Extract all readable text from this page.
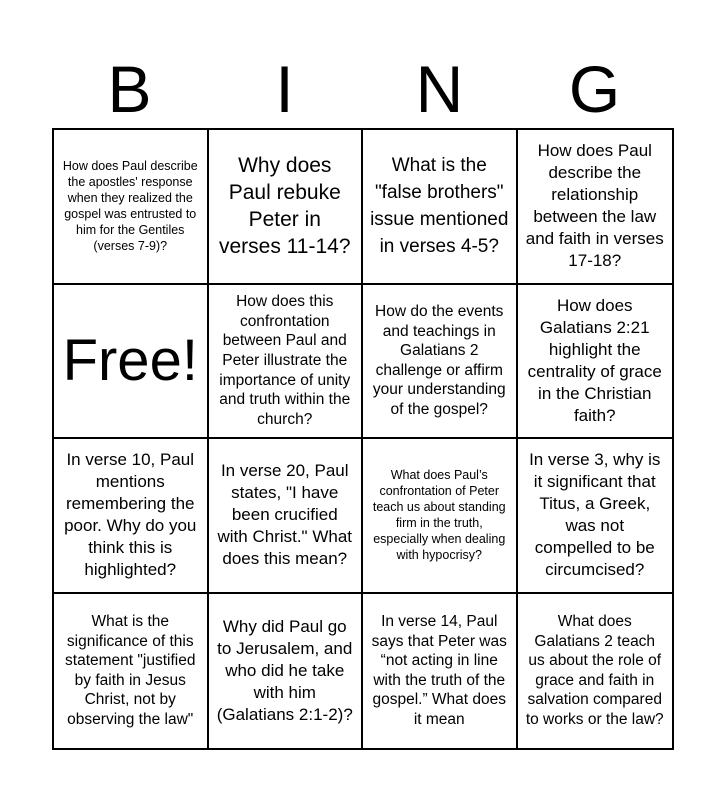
B	I	N	G
How does Paul describe the apostles' response when they realized the gospel was entrusted to him for the Gentiles (verses 7-9)?
Why does Paul rebuke Peter in verses 11-14?
What is the "false brothers" issue mentioned in verses 4-5?
How does Paul describe the relationship between the law and faith in verses 17-18?
Free!
How does this confrontation between Paul and Peter illustrate the importance of unity and truth within the church?
How do the events and teachings in Galatians 2 challenge or affirm your understanding of the gospel?
How does Galatians 2:21 highlight the centrality of grace in the Christian faith?
In verse 10, Paul mentions remembering the poor. Why do you think this is highlighted?
In verse 20, Paul states, "I have been crucified with Christ." What does this mean?
What does Paul’s confrontation of Peter teach us about standing firm in the truth, especially when dealing with hypocrisy?
In verse 3, why is it significant that Titus, a Greek, was not compelled to be circumcised?
What is the significance of this statement "justified by faith in Jesus Christ, not by observing the law"
Why did Paul go to Jerusalem, and who did he take with him (Galatians 2:1-2)?
In verse 14, Paul says that Peter was “not acting in line with the truth of the gospel.” What does it mean
What does Galatians 2 teach us about the role of grace and faith in salvation compared to works or the law?
